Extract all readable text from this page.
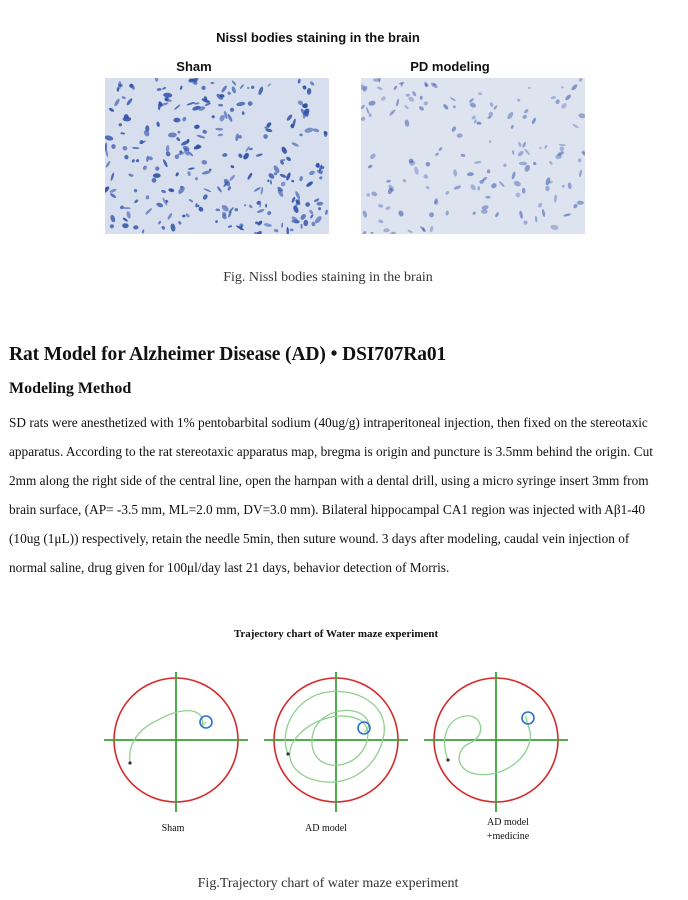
Nissl bodies staining in the brain
Sham	PD modeling
Fig. Nissl bodies staining in the brain
Rat Model for Alzheimer Disease (AD) • DSI707Ra01
Modeling Method
SD rats were anesthetized with 1% pentobarbital sodium (40ug/g) intraperitoneal injection, then fixed on the stereotaxic
apparatus. According to the rat stereotaxic apparatus map, bregma is origin and puncture is 3.5mm behind the origin. Cut
2mm along the right side of the central line, open the harnpan with a dental drill, using a micro syringe insert 3mm from
brain surface, (AP= -3.5 mm, ML=2.0 mm, DV=3.0 mm). Bilateral hippocampal CA1 region was injected with Aβ1-40
(10ug (1μL)) respectively, retain the needle 5min, then suture wound. 3 days after modeling, caudal vein injection of
normal saline, drug given for 100μl/day last 21 days, behavior detection of Morris.
Trajectory chart of Water maze experiment
Sham	AD model
AD model
+medicine
Fig.Trajectory chart of water maze experiment
